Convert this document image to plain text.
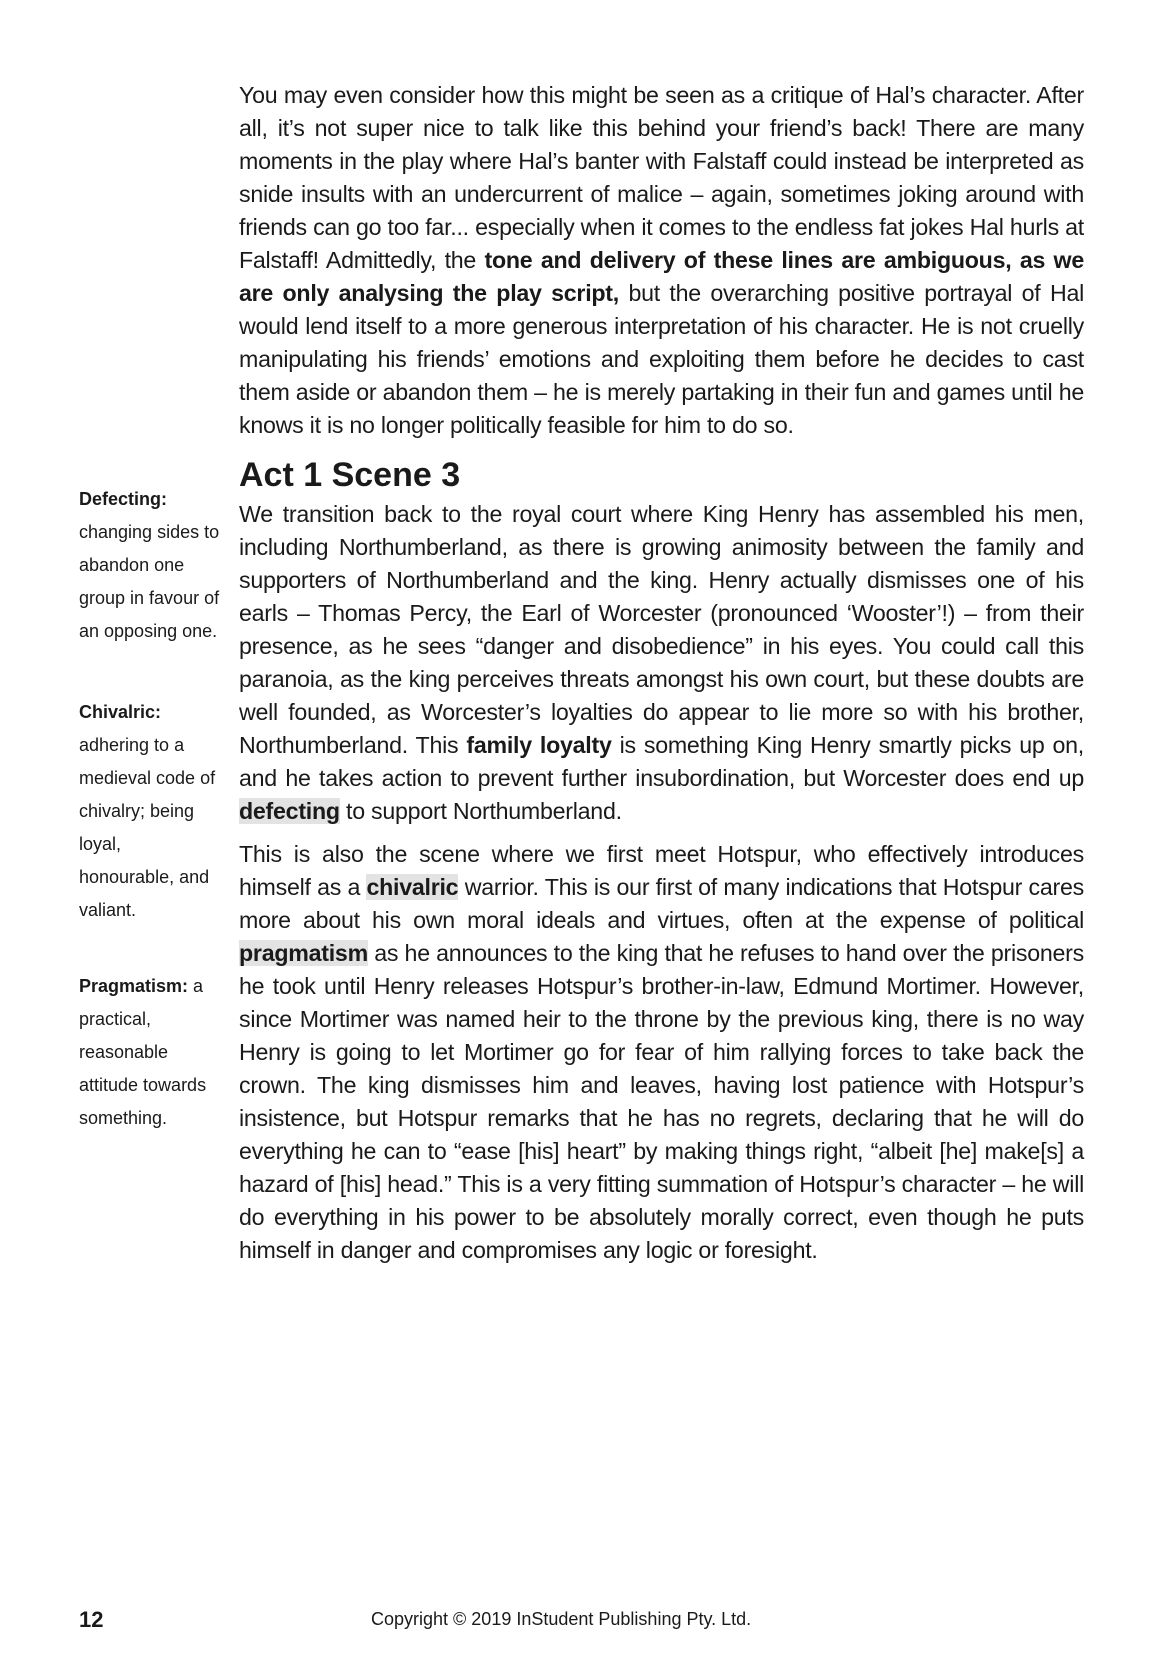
You may even consider how this might be seen as a critique of Hal’s character. After all, it’s not super nice to talk like this behind your friend’s back! There are many moments in the play where Hal’s banter with Falstaff could instead be interpreted as snide insults with an undercurrent of malice – again, sometimes joking around with friends can go too far... especially when it comes to the endless fat jokes Hal hurls at Falstaff! Admittedly, the tone and delivery of these lines are ambiguous, as we are only analysing the play script, but the overarching positive portrayal of Hal would lend itself to a more generous interpretation of his character. He is not cruelly manipulating his friends’ emotions and exploiting them before he decides to cast them aside or abandon them – he is merely partaking in their fun and games until he knows it is no longer politically feasible for him to do so.

Act 1 Scene 3

We transition back to the royal court where King Henry has assembled his men, including Northumberland, as there is growing animosity between the family and supporters of Northumberland and the king. Henry actually dismisses one of his earls – Thomas Percy, the Earl of Worcester (pronounced ‘Wooster’!) – from their presence, as he sees “danger and disobedience” in his eyes. You could call this paranoia, as the king perceives threats amongst his own court, but these doubts are well founded, as Worcester’s loyalties do appear to lie more so with his brother, Northumberland. This family loyalty is something King Henry smartly picks up on, and he takes action to prevent further insubordination, but Worcester does end up defecting to support Northumberland.

This is also the scene where we first meet Hotspur, who effectively introduces himself as a chivalric warrior. This is our first of many indications that Hotspur cares more about his own moral ideals and virtues, often at the expense of political pragmatism as he announces to the king that he refuses to hand over the prisoners he took until Henry releases Hotspur’s brother-in-law, Edmund Mortimer. However, since Mortimer was named heir to the throne by the previous king, there is no way Henry is going to let Mortimer go for fear of him rallying forces to take back the crown. The king dismisses him and leaves, having lost patience with Hotspur’s insistence, but Hotspur remarks that he has no regrets, declaring that he will do everything he can to “ease [his] heart” by making things right, “albeit [he] make[s] a hazard of [his] head.” This is a very fitting summation of Hotspur’s character – he will do everything in his power to be absolutely morally correct, even though he puts himself in danger and compromises any logic or foresight.

Defecting:
changing sides to abandon one group in favour of an opposing one.
Chivalric:
adhering to a medieval code of chivalry; being loyal, honourable, and valiant.
Pragmatism: a practical, reasonable attitude towards something.
12	Copyright © 2019 InStudent Publishing Pty. Ltd.
